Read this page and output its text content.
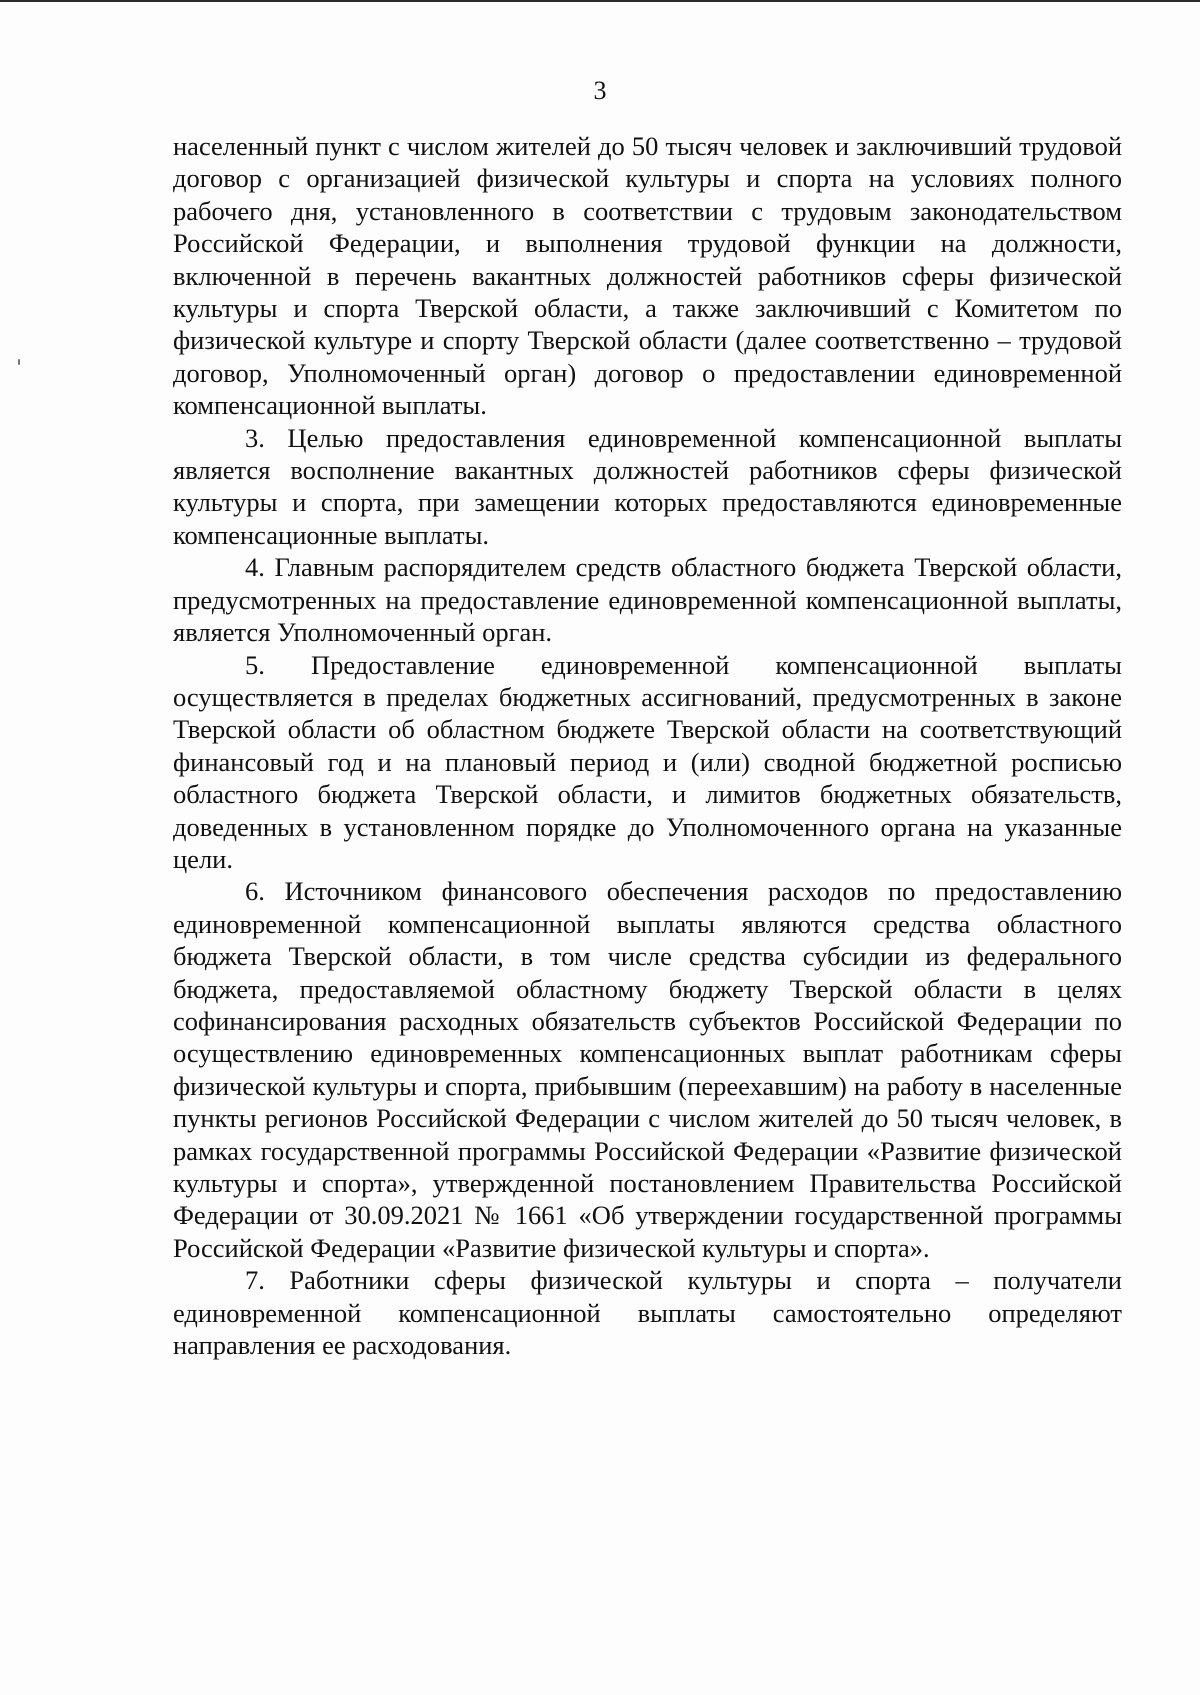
3

населенный пункт с числом жителей до 50 тысяч человек и заключивший трудовой договор с организацией физической культуры и спорта на условиях полного рабочего дня, установленного в соответствии с трудовым законодательством Российской Федерации, и выполнения трудовой функции на должности, включенной в перечень вакантных должностей работников сферы физической культуры и спорта Тверской области, а также заключивший с Комитетом по физической культуре и спорту Тверской области (далее соответственно – трудовой договор, Уполномоченный орган) договор о предоставлении единовременной компенсационной выплаты.

3. Целью предоставления единовременной компенсационной выплаты является восполнение вакантных должностей работников сферы физической культуры и спорта, при замещении которых предоставляются единовременные компенсационные выплаты.

4. Главным распорядителем средств областного бюджета Тверской области, предусмотренных на предоставление единовременной компенсационной выплаты, является Уполномоченный орган.

5. Предоставление единовременной компенсационной выплаты осуществляется в пределах бюджетных ассигнований, предусмотренных в законе Тверской области об областном бюджете Тверской области на соответствующий финансовый год и на плановый период и (или) сводной бюджетной росписью областного бюджета Тверской области, и лимитов бюджетных обязательств, доведенных в установленном порядке до Уполномоченного органа на указанные цели.

6. Источником финансового обеспечения расходов по предоставлению единовременной компенсационной выплаты являются средства областного бюджета Тверской области, в том числе средства субсидии из федерального бюджета, предоставляемой областному бюджету Тверской области в целях софинансирования расходных обязательств субъектов Российской Федерации по осуществлению единовременных компенсационных выплат работникам сферы физической культуры и спорта, прибывшим (переехавшим) на работу в населенные пункты регионов Российской Федерации с числом жителей до 50 тысяч человек, в рамках государственной программы Российской Федерации «Развитие физической культуры и спорта», утвержденной постановлением Правительства Российской Федерации от 30.09.2021 № 1661 «Об утверждении государственной программы Российской Федерации «Развитие физической культуры и спорта».

7. Работники сферы физической культуры и спорта – получатели единовременной компенсационной выплаты самостоятельно определяют направления ее расходования.
